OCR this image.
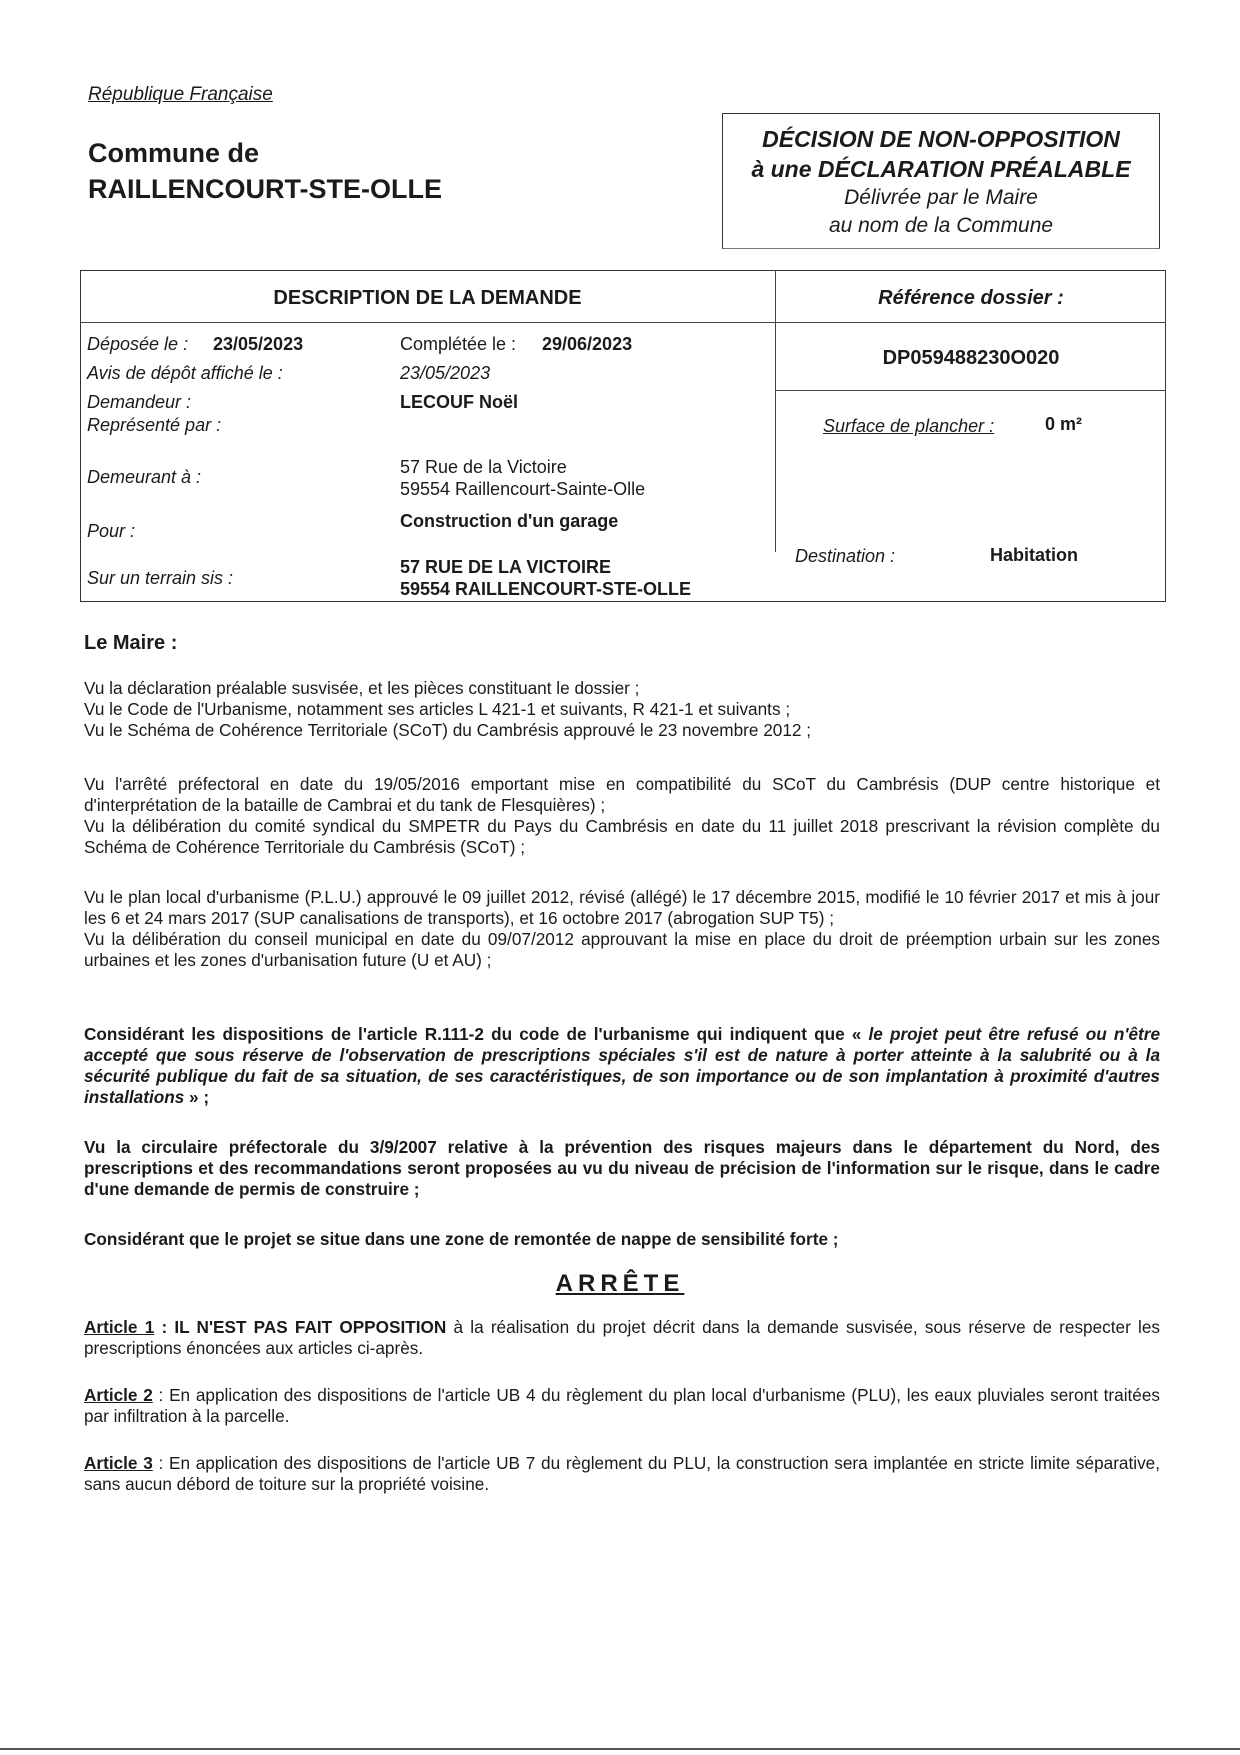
République Française
Commune de
RAILLENCOURT-STE-OLLE
DÉCISION DE NON-OPPOSITION
à une DÉCLARATION PRÉALABLE
Délivrée par le Maire
au nom de la Commune
DESCRIPTION DE LA DEMANDE	Référence dossier :
Déposée le : 23/05/2023	Complétée le : 29/06/2023
Avis de dépôt affiché le :	23/05/2023
Demandeur :	LECOUF Noël
Représenté par :
Demeurant à :	57 Rue de la Victoire
59554 Raillencourt-Sainte-Olle
Pour :	Construction d'un garage
Sur un terrain sis :
57 RUE DE LA VICTOIRE
59554 RAILLENCOURT-STE-OLLE
DP059488230O020
Surface de plancher :	0 m²
Destination :	Habitation
Le Maire :

Vu la déclaration préalable susvisée, et les pièces constituant le dossier ;

Vu le Code de l'Urbanisme, notamment ses articles L 421-1 et suivants, R 421-1 et suivants ;

Vu le Schéma de Cohérence Territoriale (SCoT) du Cambrésis approuvé le 23 novembre 2012 ;

Vu l'arrêté préfectoral en date du 19/05/2016 emportant mise en compatibilité du SCoT du Cambrésis (DUP centre historique et d'interprétation de la bataille de Cambrai et du tank de Flesquières) ;

Vu la délibération du comité syndical du SMPETR du Pays du Cambrésis en date du 11 juillet 2018 prescrivant la révision complète du Schéma de Cohérence Territoriale du Cambrésis (SCoT) ;

Vu le plan local d'urbanisme (P.L.U.) approuvé le 09 juillet 2012, révisé (allégé) le 17 décembre 2015, modifié le 10 février 2017 et mis à jour les 6 et 24 mars 2017 (SUP canalisations de transports), et 16 octobre 2017 (abrogation SUP T5) ;

Vu la délibération du conseil municipal en date du 09/07/2012 approuvant la mise en place du droit de préemption urbain sur les zones urbaines et les zones d'urbanisation future (U et AU) ;

Considérant les dispositions de l'article R.111-2 du code de l'urbanisme qui indiquent que « le projet peut être refusé ou n'être accepté que sous réserve de l'observation de prescriptions spéciales s'il est de nature à porter atteinte à la salubrité ou à la sécurité publique du fait de sa situation, de ses caractéristiques, de son importance ou de son implantation à proximité d'autres installations » ;

Vu la circulaire préfectorale du 3/9/2007 relative à la prévention des risques majeurs dans le département du Nord, des prescriptions et des recommandations seront proposées au vu du niveau de précision de l'information sur le risque, dans le cadre d'une demande de permis de construire ;

Considérant que le projet se situe dans une zone de remontée de nappe de sensibilité forte ;

ARRÊTE

Article 1 : IL N'EST PAS FAIT OPPOSITION à la réalisation du projet décrit dans la demande susvisée, sous réserve de respecter les prescriptions énoncées aux articles ci-après.

Article 2 : En application des dispositions de l'article UB 4 du règlement du plan local d'urbanisme (PLU), les eaux pluviales seront traitées par infiltration à la parcelle.

Article 3 : En application des dispositions de l'article UB 7 du règlement du PLU, la construction sera implantée en stricte limite séparative, sans aucun débord de toiture sur la propriété voisine.
